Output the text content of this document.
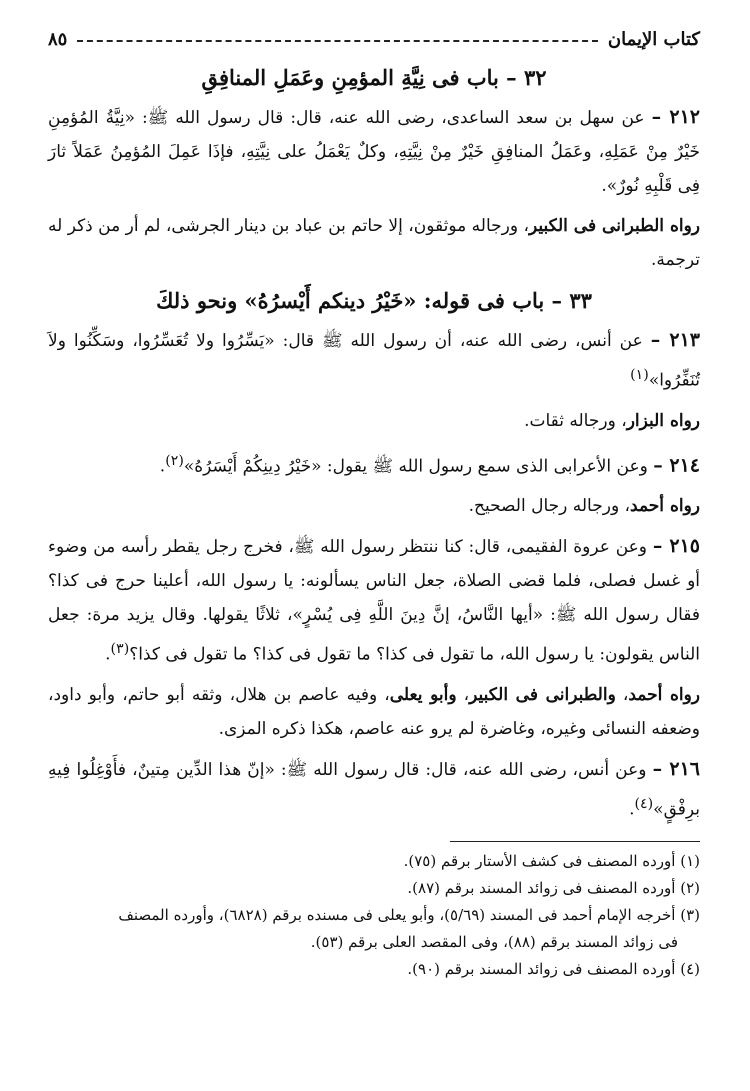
كتاب الإيمان
٨٥
٣٢ – باب فى نِيَّةِ المؤمِنِ وعَمَلِ المنافِقِ

٢١٢ – عن سهل بن سعد الساعدى، رضى الله عنه، قال: قال رسول الله ﷺ: «نِيَّةُ المُؤمِنِ خَيْرٌ مِنْ عَمَلِهِ، وعَمَلُ المنافِقِ خَيْرٌ مِنْ نِيَّتِهِ، وكلٌ يَعْمَلُ على نِيَّتِهِ، فإذَا عَمِلَ المُؤمِنُ عَمَلاً ثارَ فِى قَلْبِهِ نُورٌ».

رواه الطبرانى فى الكبير، ورجاله موثقون، إلا حاتم بن عباد بن دينار الجرشى، لم أر من ذكر له ترجمة.

٣٣ – باب فى قوله: «خَيْرُ دينكم أَيْسرُهُ» ونحو ذلكَ

٢١٣ – عن أنس، رضى الله عنه، أن رسول الله ﷺ قال: «يَسِّرُوا ولا تُعَسِّرُوا، وسَكِّنُوا ولاَ تُنَفِّرُوا»$^{(١)}$

رواه البزار، ورجاله ثقات.

٢١٤ – وعن الأعرابى الذى سمع رسول الله ﷺ يقول: «خَيْرُ دِينِكُمْ أَيْسَرُهُ»$^{(٢)}$.

رواه أحمد، ورجاله رجال الصحيح.

٢١٥ – وعن عروة الفقيمى، قال: كنا ننتظر رسول الله ﷺ، فخرج رجل يقطر رأسه من وضوء أو غسل فصلى، فلما قضى الصلاة، جعل الناس يسألونه: يا رسول الله، أعلينا حرج فى كذا؟ فقال رسول الله ﷺ: «أيها النَّاسُ، إنَّ دِينَ اللَّهِ فِى يُسْرٍ»، ثلاثًا يقولها. وقال يزيد مرة: جعل الناس يقولون: يا رسول الله، ما تقول فى كذا؟ ما تقول فى كذا؟ ما تقول فى كذا؟$^{(٣)}$.

رواه أحمد، والطبرانى فى الكبير، وأبو يعلى، وفيه عاصم بن هلال، وثقه أبو حاتم، وأبو داود، وضعفه النسائى وغيره، وغاضرة لم يرو عنه عاصم، هكذا ذكره المزى.

٢١٦ – وعن أنس، رضى الله عنه، قال: قال رسول الله ﷺ: «إنّ هذا الدِّين مِتينٌ، فأَوْغِلُوا فِيهِ برِفْقٍ»$^{(٤)}$.

(١) أورده المصنف فى كشف الأستار برقم (٧٥).

(٢) أورده المصنف فى زوائد المسند برقم (٨٧).

(٣) أخرجه الإمام أحمد فى المسند (٥/٦٩)، وأبو يعلى فى مسنده برقم (٦٨٢٨)، وأورده المصنف

فى زوائد المسند برقم (٨٨)، وفى المقصد العلى برقم (٥٣).

(٤) أورده المصنف فى زوائد المسند برقم (٩٠).
